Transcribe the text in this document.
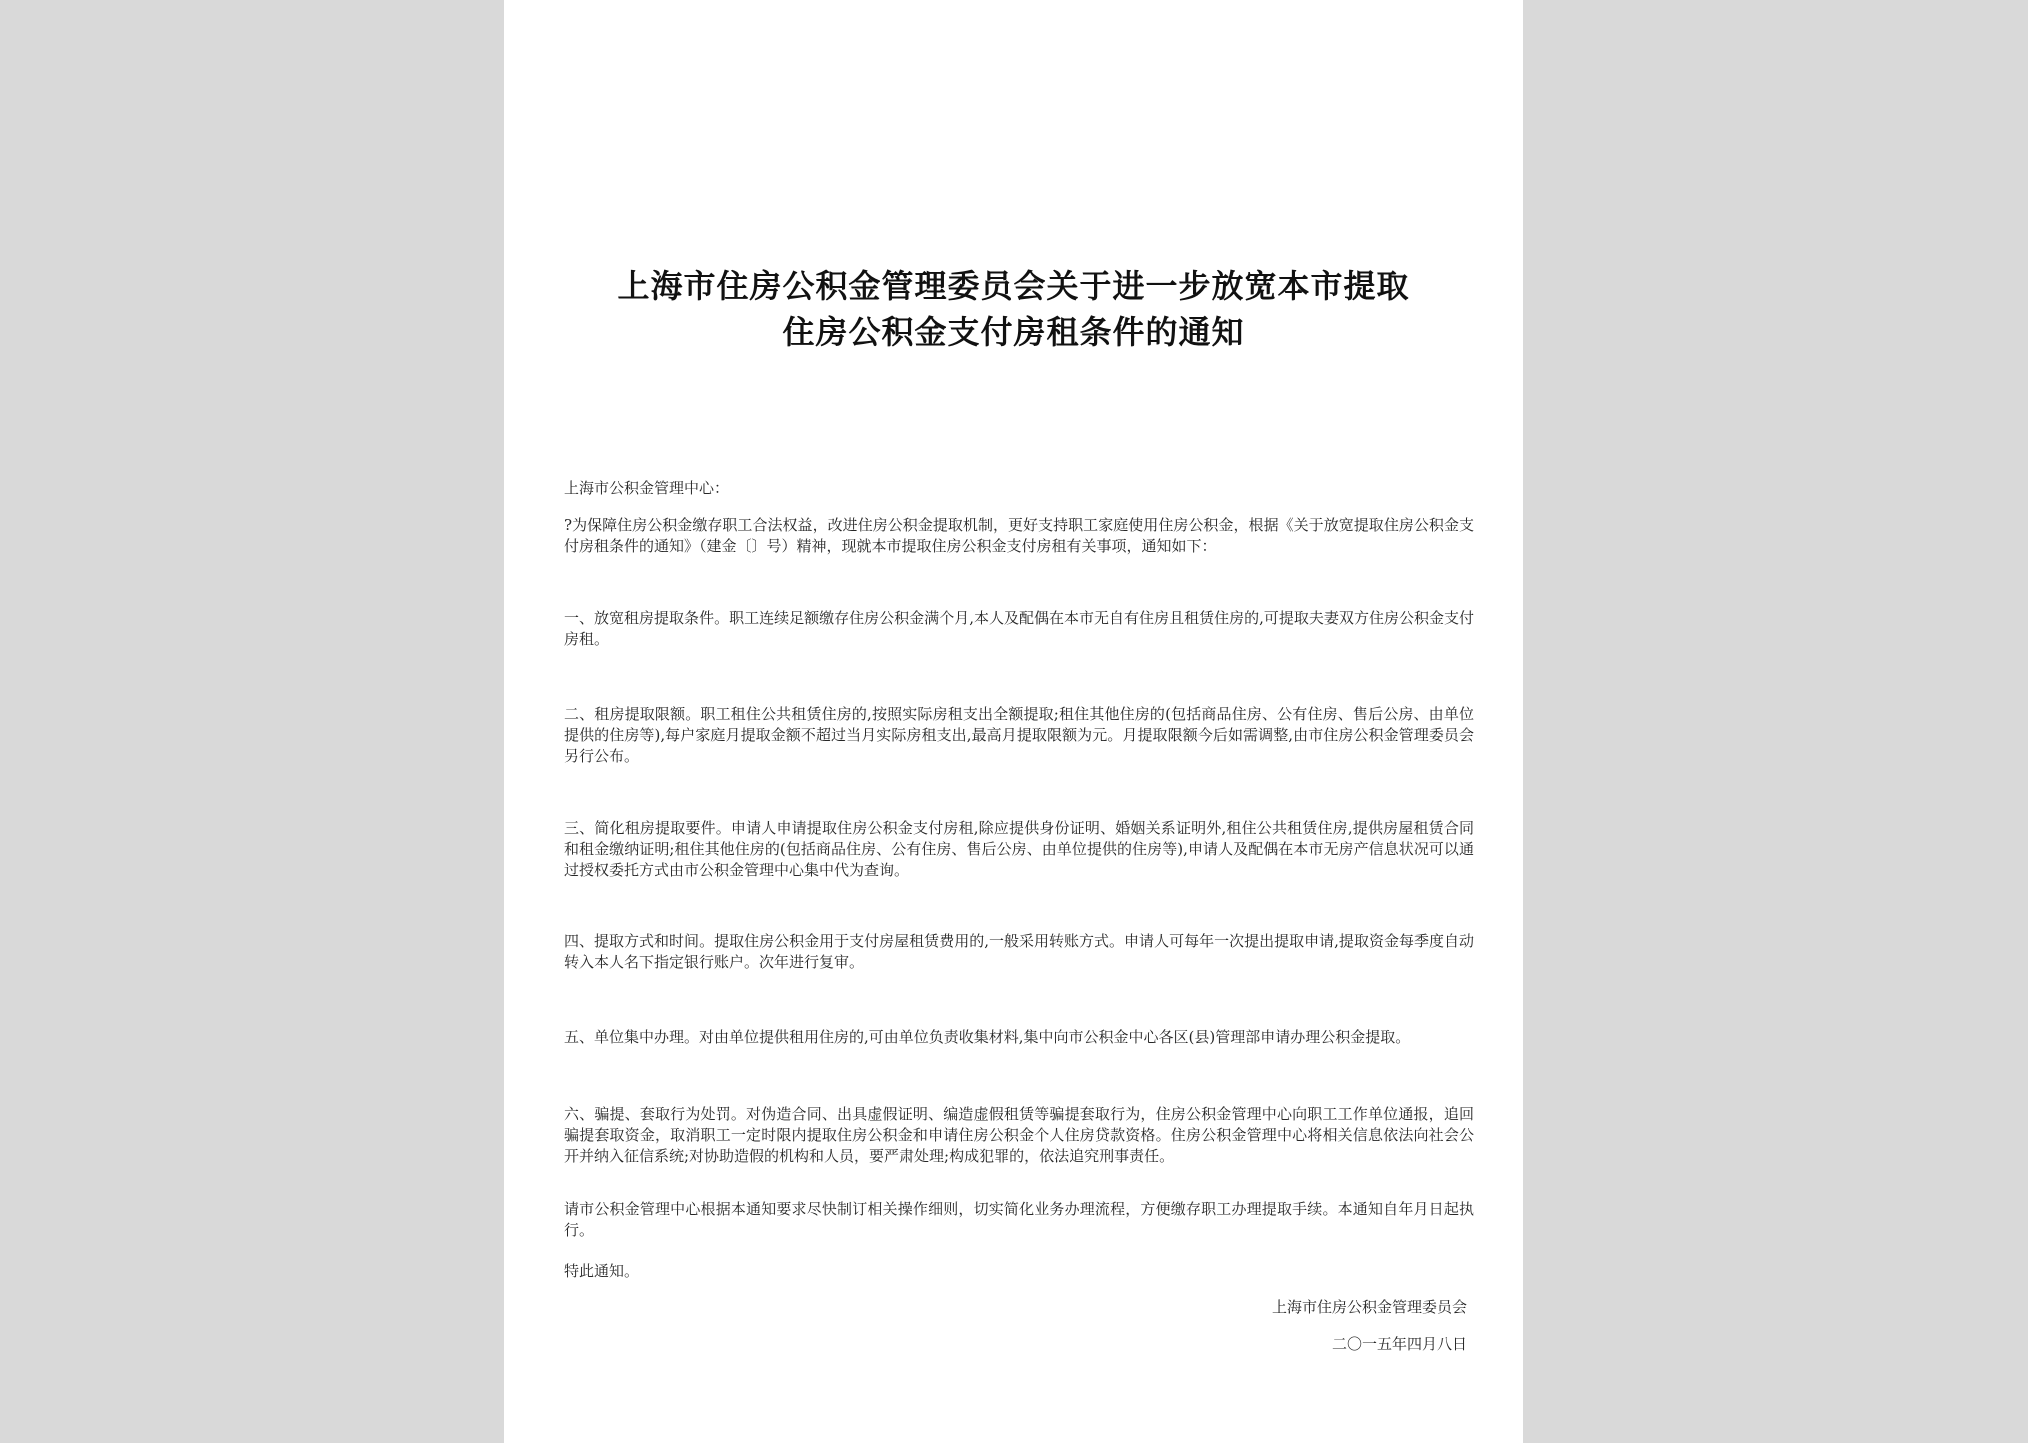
上海市住房公积金管理委员会关于进一步放宽本市提取
住房公积金支付房租条件的通知
上海市公积金管理中心：
?为保障住房公积金缴存职工合法权益，改进住房公积金提取机制，更好支持职工家庭使用住房公积金，根据《关于放宽提取住房公积金支付房租条件的通知》（建金〔〕号）精神，现就本市提取住房公积金支付房租有关事项，通知如下：
一、放宽租房提取条件。职工连续足额缴存住房公积金满个月,本人及配偶在本市无自有住房且租赁住房的,可提取夫妻双方住房公积金支付房租。
二、租房提取限额。职工租住公共租赁住房的,按照实际房租支出全额提取;租住其他住房的(包括商品住房、公有住房、售后公房、由单位提供的住房等),每户家庭月提取金额不超过当月实际房租支出,最高月提取限额为元。月提取限额今后如需调整,由市住房公积金管理委员会另行公布。
三、简化租房提取要件。申请人申请提取住房公积金支付房租,除应提供身份证明、婚姻关系证明外,租住公共租赁住房,提供房屋租赁合同和租金缴纳证明;租住其他住房的(包括商品住房、公有住房、售后公房、由单位提供的住房等),申请人及配偶在本市无房产信息状况可以通过授权委托方式由市公积金管理中心集中代为查询。
四、提取方式和时间。提取住房公积金用于支付房屋租赁费用的,一般采用转账方式。申请人可每年一次提出提取申请,提取资金每季度自动转入本人名下指定银行账户。次年进行复审。
五、单位集中办理。对由单位提供租用住房的,可由单位负责收集材料,集中向市公积金中心各区(县)管理部申请办理公积金提取。
六、骗提、套取行为处罚。对伪造合同、出具虚假证明、编造虚假租赁等骗提套取行为，住房公积金管理中心向职工工作单位通报，追回骗提套取资金，取消职工一定时限内提取住房公积金和申请住房公积金个人住房贷款资格。住房公积金管理中心将相关信息依法向社会公开并纳入征信系统;对协助造假的机构和人员，要严肃处理;构成犯罪的，依法追究刑事责任。
请市公积金管理中心根据本通知要求尽快制订相关操作细则，切实简化业务办理流程，方便缴存职工办理提取手续。本通知自年月日起执行。
特此通知。
上海市住房公积金管理委员会
二〇一五年四月八日
